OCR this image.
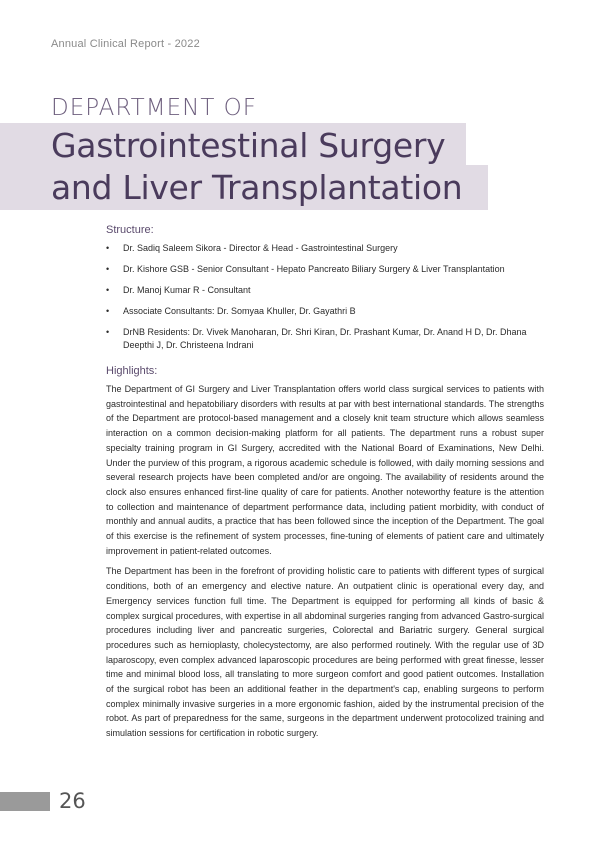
Annual Clinical Report - 2022
DEPARTMENT OF
Gastrointestinal Surgery
and Liver Transplantation
Structure:
• Dr. Sadiq Saleem Sikora - Director & Head - Gastrointestinal Surgery
• Dr. Kishore GSB - Senior Consultant - Hepato Pancreato Biliary Surgery & Liver Transplantation
• Dr. Manoj Kumar R - Consultant
• Associate Consultants: Dr. Somyaa Khuller, Dr. Gayathri B
• DrNB Residents: Dr. Vivek Manoharan, Dr. Shri Kiran, Dr. Prashant Kumar, Dr. Anand H D, Dr. Dhana Deepthi J, Dr. Christeena Indrani
Highlights:

The Department of GI Surgery and Liver Transplantation offers world class surgical services to patients with gastrointestinal and hepatobiliary disorders with results at par with best international standards. The strengths of the Department are protocol-based management and a closely knit team structure which allows seamless interaction on a common decision-making platform for all patients. The department runs a robust super specialty training program in GI Surgery, accredited with the National Board of Examinations, New Delhi. Under the purview of this program, a rigorous academic schedule is followed, with daily morning sessions and several research projects have been completed and/or are ongoing. The availability of residents around the clock also ensures enhanced first-line quality of care for patients. Another noteworthy feature is the attention to collection and maintenance of department performance data, including patient morbidity, with conduct of monthly and annual audits, a practice that has been followed since the inception of the Department. The goal of this exercise is the refinement of system processes, fine-tuning of elements of patient care and ultimately improvement in patient-related outcomes.

The Department has been in the forefront of providing holistic care to patients with different types of surgical conditions, both of an emergency and elective nature. An outpatient clinic is operational every day, and Emergency services function full time. The Department is equipped for performing all kinds of basic & complex surgical procedures, with expertise in all abdominal surgeries ranging from advanced Gastro-surgical procedures including liver and pancreatic surgeries, Colorectal and Bariatric surgery. General surgical procedures such as hernioplasty, cholecystectomy, are also performed routinely. With the regular use of 3D laparoscopy, even complex advanced laparoscopic procedures are being performed with great finesse, lesser time and minimal blood loss, all translating to more surgeon comfort and good patient outcomes. Installation of the surgical robot has been an additional feather in the department's cap, enabling surgeons to perform complex minimally invasive surgeries in a more ergonomic fashion, aided by the instrumental precision of the robot. As part of preparedness for the same, surgeons in the department underwent protocolized training and simulation sessions for certification in robotic surgery.

26
